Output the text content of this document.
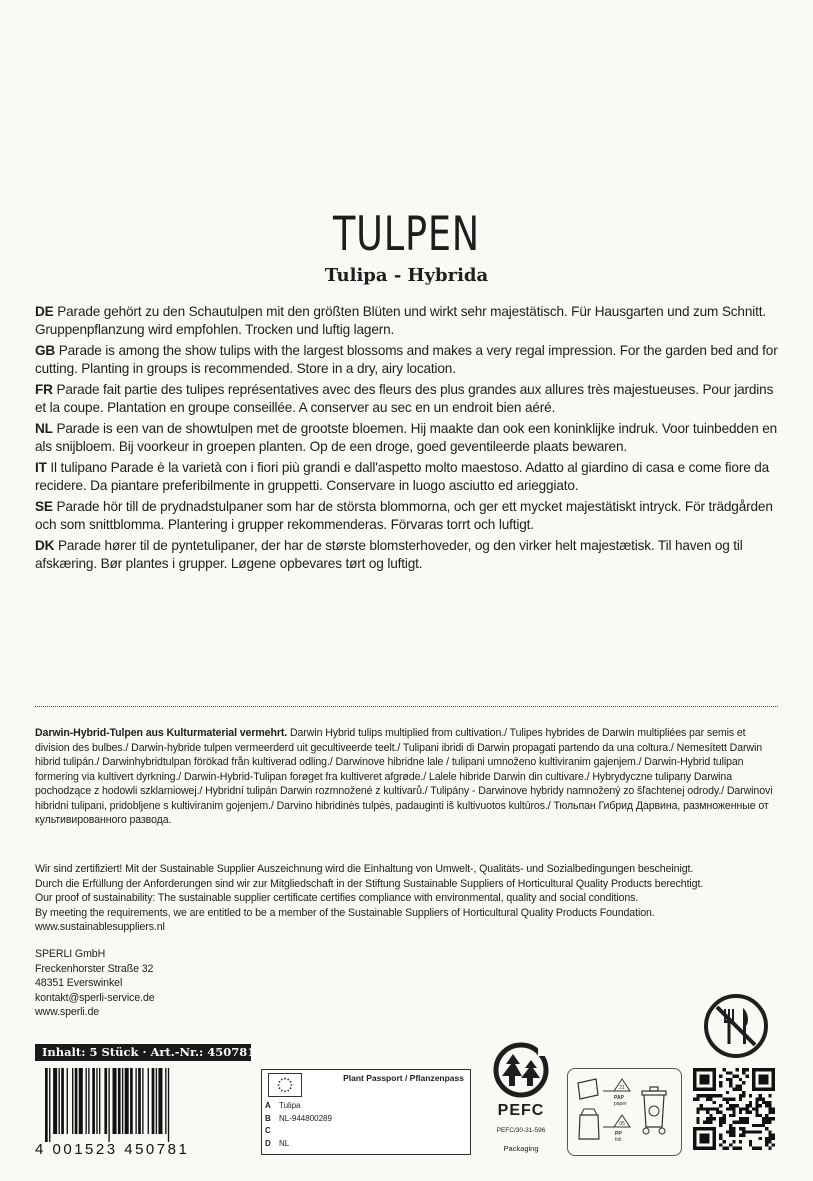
TULPEN
Tulipa - Hybrida

DE Parade gehört zu den Schautulpen mit den größten Blüten und wirkt sehr majestätisch. Für Hausgarten und zum Schnitt. Gruppenpflanzung wird empfohlen. Trocken und luftig lagern.

GB Parade is among the show tulips with the largest blossoms and makes a very regal impression. For the garden bed and for cutting. Planting in groups is recommended. Store in a dry, airy location.

FR Parade fait partie des tulipes représentatives avec des fleurs des plus grandes aux allures très majestueuses. Pour jardins et la coupe. Plantation en groupe conseillée. A conserver au sec en un endroit bien aéré.

NL Parade is een van de showtulpen met de grootste bloemen. Hij maakte dan ook een koninklijke indruk. Voor tuinbedden en als snijbloem. Bij voorkeur in groepen planten. Op de een droge, goed geventileerde plaats bewaren.

IT Il tulipano Parade è la varietà con i fiori più grandi e dall'aspetto molto maestoso. Adatto al giardino di casa e come fiore da recidere. Da piantare preferibilmente in gruppetti. Conservare in luogo asciutto ed arieggiato.

SE Parade hör till de prydnadstulpaner som har de största blommorna, och ger ett mycket majestätiskt intryck. För trädgården och som snittblomma. Plantering i grupper rekommenderas. Förvaras torrt och luftigt.

DK Parade hører til de pyntetulipaner, der har de største blomsterhoveder, og den virker helt majestætisk. Til haven og til afskæring. Bør plantes i grupper. Løgene opbevares tørt og luftigt.

Darwin-Hybrid-Tulpen aus Kulturmaterial vermehrt. Darwin Hybrid tulips multiplied from cultivation./ Tulipes hybrides de Darwin multipliées par semis et division des bulbes./ Darwin-hybride tulpen vermeerderd uit gecultiveerde teelt./ Tulipani ibridi di Darwin propagati partendo da una coltura./ Nemesített Darwin hibrid tulipán./ Darwinhybridtulpan förökad från kultiverad odling./ Darwinove hibridne lale / tulipani umnoženo kultiviranim gajenjem./ Darwin-Hybrid tulipan formering via kultivert dyrkning./ Darwin-Hybrid-Tulipan forøget fra kultiveret afgrøde./ Lalele hibride Darwin din cultivare./ Hybrydyczne tulipany Darwina pochodzące z hodowli szklarniowej./ Hybridní tulipán Darwin rozmnožené z kultivarů./ Tulipány - Darwinove hybridy namnožený zo šľachtenej odrody./ Darwinovi hibridni tulipani, pridobljene s kultiviranim gojenjem./ Darvino hibridinės tulpės, padauginti iš kultivuotos kultūros./ Тюльпан Гибрид Дарвина, размноженные от культивированного развода.
Wir sind zertifiziert! Mit der Sustainable Supplier Auszeichnung wird die Einhaltung von Umwelt-, Qualitäts- und Sozialbedingungen bescheinigt.
Durch die Erfüllung der Anforderungen sind wir zur Mitgliedschaft in der Stiftung Sustainable Suppliers of Horticultural Quality Products berechtigt.
Our proof of sustainability: The sustainable supplier certificate certifies compliance with environmental, quality and social conditions.
By meeting the requirements, we are entitled to be a member of the Sustainable Suppliers of Horticultural Quality Products Foundation.
www.sustainablesuppliers.nl
SPERLI GmbH
Freckenhorster Straße 32
48351 Everswinkel
kontakt@sperli-service.de
www.sperli.de
Inhalt: 5 Stück · Art.-Nr.: 450781
4 001523 450781
Plant Passport / Pflanzenpass
A Tulipa
B NL-944800289
C
D NL
PEFC
PEFC/30-31-596
Packaging
21
PAP
paper
05
PP
foil
